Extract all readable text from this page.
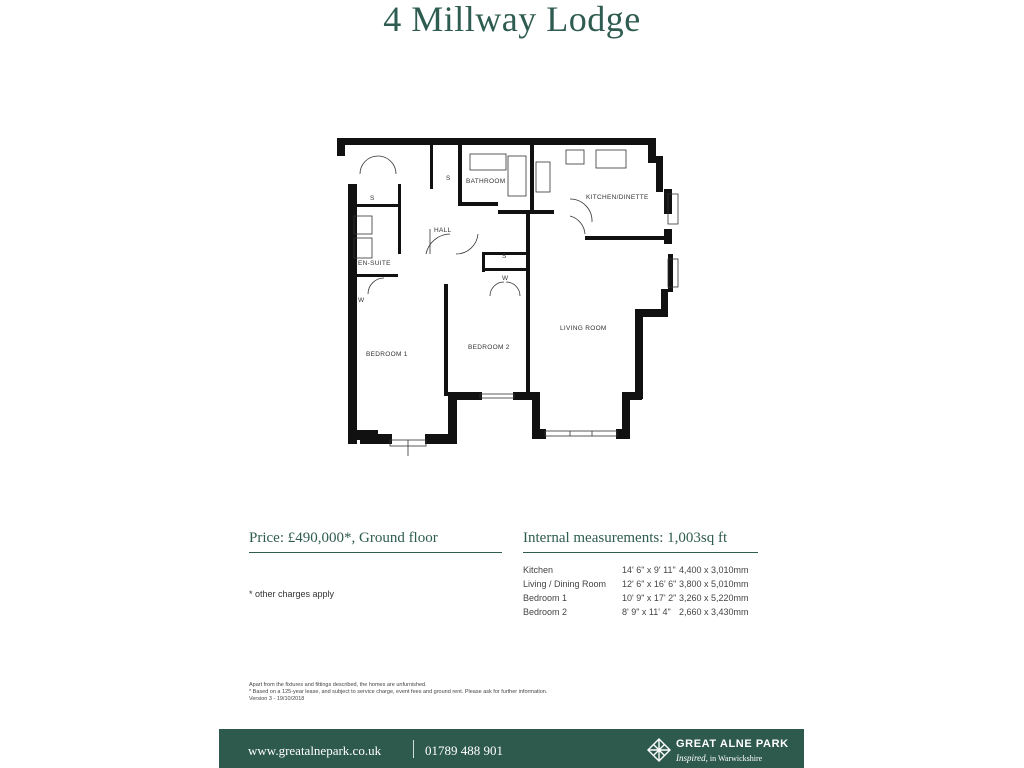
4 Millway Lodge
BATHROOM
KITCHEN/DINETTE
HALL
EN-SUITE
BEDROOM 1
BEDROOM 2
LIVING ROOM
S
S
W
W
S
Price: £490,000*, Ground floor	Internal measurements: 1,003sq ft
* other charges apply
Kitchen	14' 6" x 9' 11"	4,400 x 3,010mm
Living / Dining Room	12' 6" x 16' 6"	3,800 x 5,010mm
Bedroom 1	10' 9" x 17' 2"	3,260 x 5,220mm
Bedroom 2	8' 9" x 11' 4"	2,660 x 3,430mm
Apart from the fixtures and fittings described, the homes are unfurnished.
* Based on a 125-year lease, and subject to service charge, event fees and ground rent. Please ask for further information.
Version 3 - 19/10/2018
www.greatalnepark.co.uk	01789 488 901	GREAT ALNE PARK
Inspired, in Warwickshire
